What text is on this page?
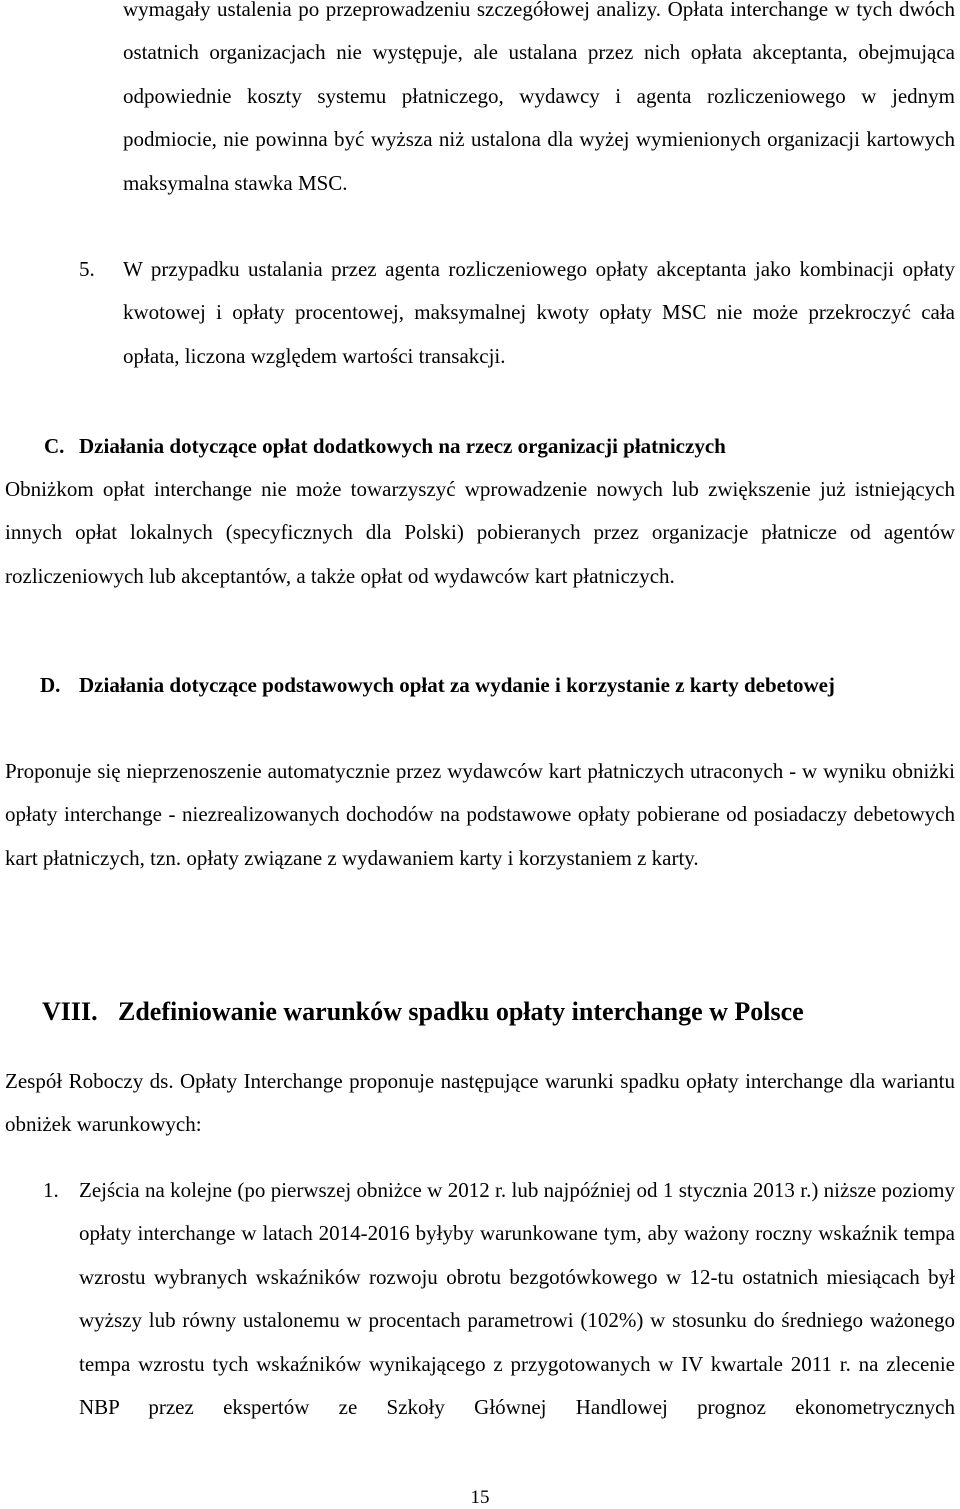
wymagały ustalenia po przeprowadzeniu szczegółowej analizy. Opłata interchange w tych dwóch ostatnich organizacjach nie występuje, ale ustalana przez nich opłata akceptanta, obejmująca odpowiednie koszty systemu płatniczego, wydawcy i agenta rozliczeniowego w jednym podmiocie, nie powinna być wyższa niż ustalona dla wyżej wymienionych organizacji kartowych maksymalna stawka MSC.

5. W przypadku ustalania przez agenta rozliczeniowego opłaty akceptanta jako kombinacji opłaty kwotowej i opłaty procentowej, maksymalnej kwoty opłaty MSC nie może przekroczyć cała opłata, liczona względem wartości transakcji.

C. Działania dotyczące opłat dodatkowych na rzecz organizacji płatniczych

Obniżkom opłat interchange nie może towarzyszyć wprowadzenie nowych lub zwiększenie już istniejących innych opłat lokalnych (specyficznych dla Polski) pobieranych przez organizacje płatnicze od agentów rozliczeniowych lub akceptantów, a także opłat od wydawców kart płatniczych.

D. Działania dotyczące podstawowych opłat za wydanie i korzystanie z karty debetowej

Proponuje się nieprzenoszenie automatycznie przez wydawców kart płatniczych utraconych - w wyniku obniżki opłaty interchange - niezrealizowanych dochodów na podstawowe opłaty pobierane od posiadaczy debetowych kart płatniczych, tzn. opłaty związane z wydawaniem karty i korzystaniem z karty.

VIII. Zdefiniowanie warunków spadku opłaty interchange w Polsce

Zespół Roboczy ds. Opłaty Interchange proponuje następujące warunki spadku opłaty interchange dla wariantu obniżek warunkowych:

1. Zejścia na kolejne (po pierwszej obniżce w 2012 r. lub najpóźniej od 1 stycznia 2013 r.) niższe poziomy opłaty interchange w latach 2014-2016 byłyby warunkowane tym, aby ważony roczny wskaźnik tempa wzrostu wybranych wskaźników rozwoju obrotu bezgotówkowego w 12-tu ostatnich miesiącach był wyższy lub równy ustalonemu w procentach parametrowi (102%) w stosunku do średniego ważonego tempa wzrostu tych wskaźników wynikającego z przygotowanych w IV kwartale 2011 r. na zlecenie NBP przez ekspertów ze Szkoły Głównej Handlowej prognoz ekonometrycznych

15
